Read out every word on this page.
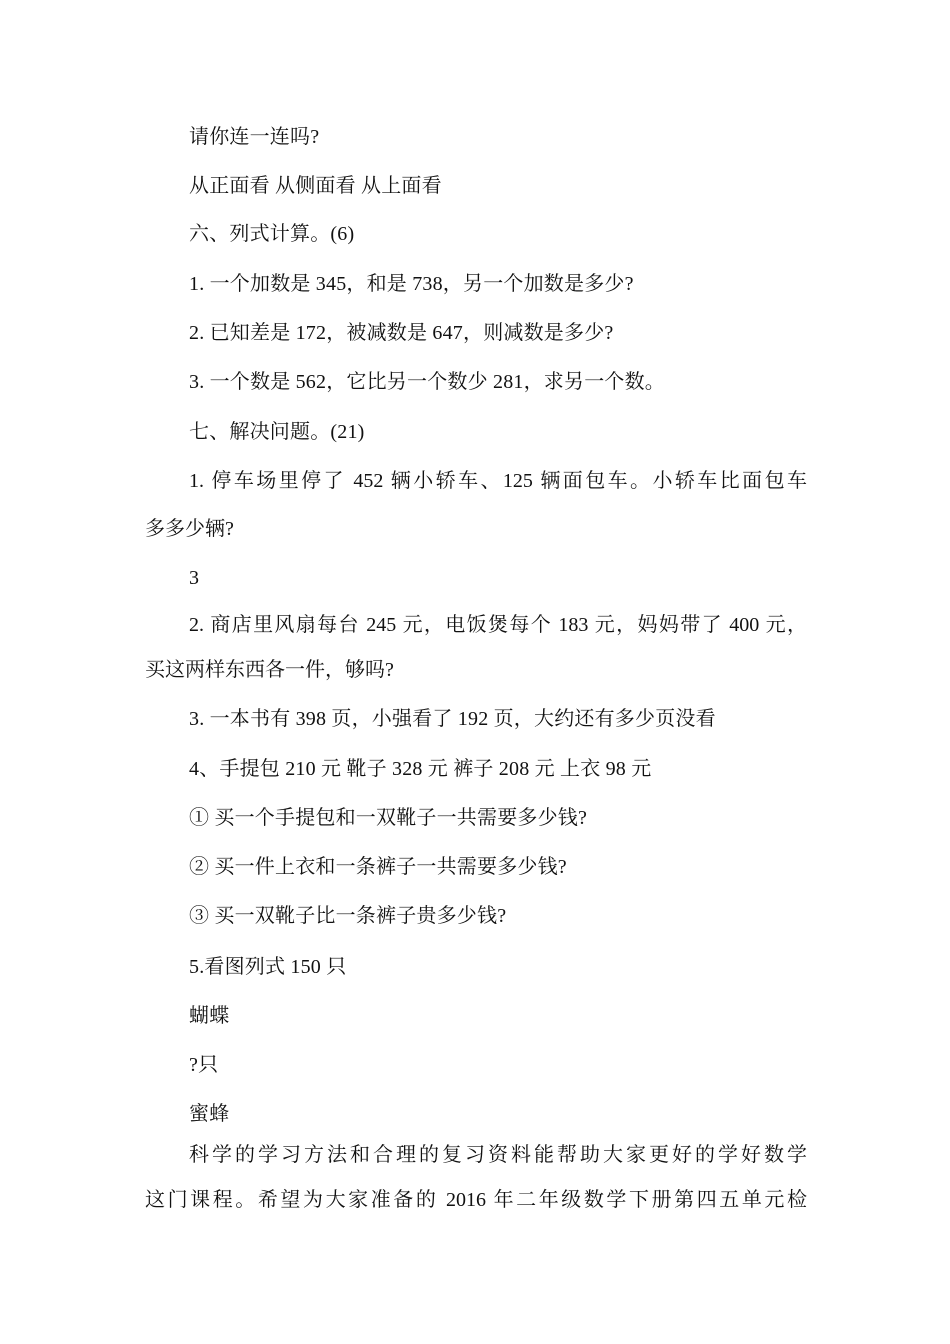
请你连一连吗?
从正面看 从侧面看 从上面看
六、列式计算。(6)
1. 一个加数是 345，和是 738，另一个加数是多少?
2. 已知差是 172，被减数是 647，则减数是多少?
3. 一个数是 562，它比另一个数少 281，求另一个数。
七、解决问题。(21)
1. 停车场里停了 452 辆小轿车、125 辆面包车。小轿车比面包车
多多少辆?
3
2. 商店里风扇每台 245 元，电饭煲每个 183 元，妈妈带了 400 元，
买这两样东西各一件，够吗?
3. 一本书有 398 页，小强看了 192 页，大约还有多少页没看
4、手提包 210 元 靴子 328 元 裤子 208 元 上衣 98 元
① 买一个手提包和一双靴子一共需要多少钱?
② 买一件上衣和一条裤子一共需要多少钱?
③ 买一双靴子比一条裤子贵多少钱?
5.看图列式 150 只
蝴蝶
?只
蜜蜂
科学的学习方法和合理的复习资料能帮助大家更好的学好数学
这门课程。希望为大家准备的 2016 年二年级数学下册第四五单元检
